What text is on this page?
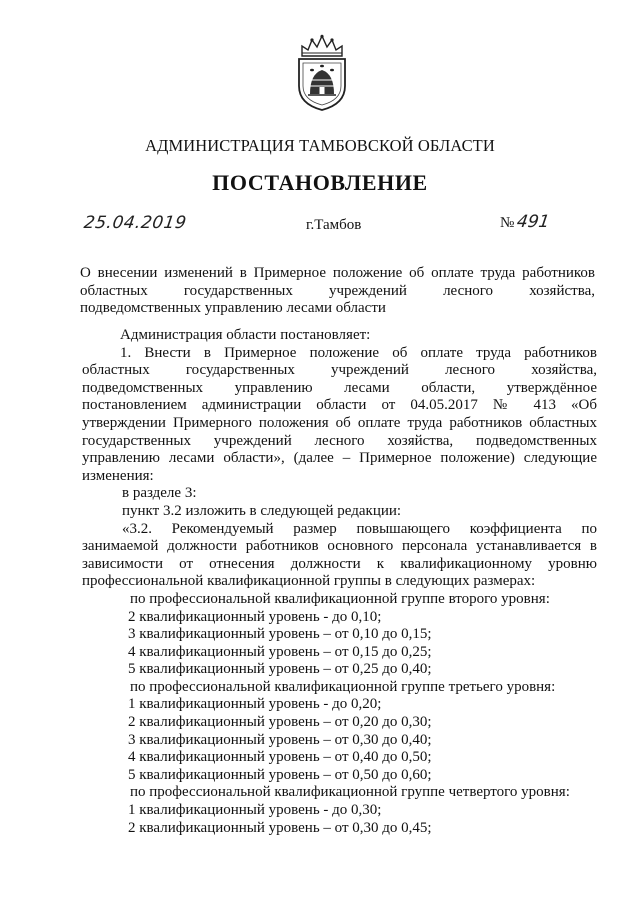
АДМИНИСТРАЦИЯ ТАМБОВСКОЙ ОБЛАСТИ
ПОСТАНОВЛЕНИЕ
25.04.2019	г.Тамбов	№491
О внесении изменений в Примерное положение об оплате труда работников
областных государственных учреждений лесного хозяйства,
подведомственных управлению лесами области
Администрация области постановляет:
1. Внести в Примерное положение об оплате труда работников
областных государственных учреждений лесного хозяйства,
подведомственных управлению лесами области, утверждённое
постановлением администрации области от 04.05.2017 № 413 «Об
утверждении Примерного положения об оплате труда работников областных
государственных учреждений лесного хозяйства, подведомственных
управлению лесами области», (далее – Примерное положение) следующие
изменения:
в разделе 3:
пункт 3.2 изложить в следующей редакции:
«3.2. Рекомендуемый размер повышающего коэффициента по
занимаемой должности работников основного персонала устанавливается в
зависимости от отнесения должности к квалификационному уровню
профессиональной квалификационной группы в следующих размерах:
по профессиональной квалификационной группе второго уровня:
2 квалификационный уровень - до 0,10;
3 квалификационный уровень – от 0,10 до 0,15;
4 квалификационный уровень – от 0,15 до 0,25;
5 квалификационный уровень – от 0,25 до 0,40;
по профессиональной квалификационной группе третьего уровня:
1 квалификационный уровень - до 0,20;
2 квалификационный уровень – от 0,20 до 0,30;
3 квалификационный уровень – от 0,30 до 0,40;
4 квалификационный уровень – от 0,40 до 0,50;
5 квалификационный уровень – от 0,50 до 0,60;
по профессиональной квалификационной группе четвертого уровня:
1 квалификационный уровень - до 0,30;
2 квалификационный уровень – от 0,30 до 0,45;
